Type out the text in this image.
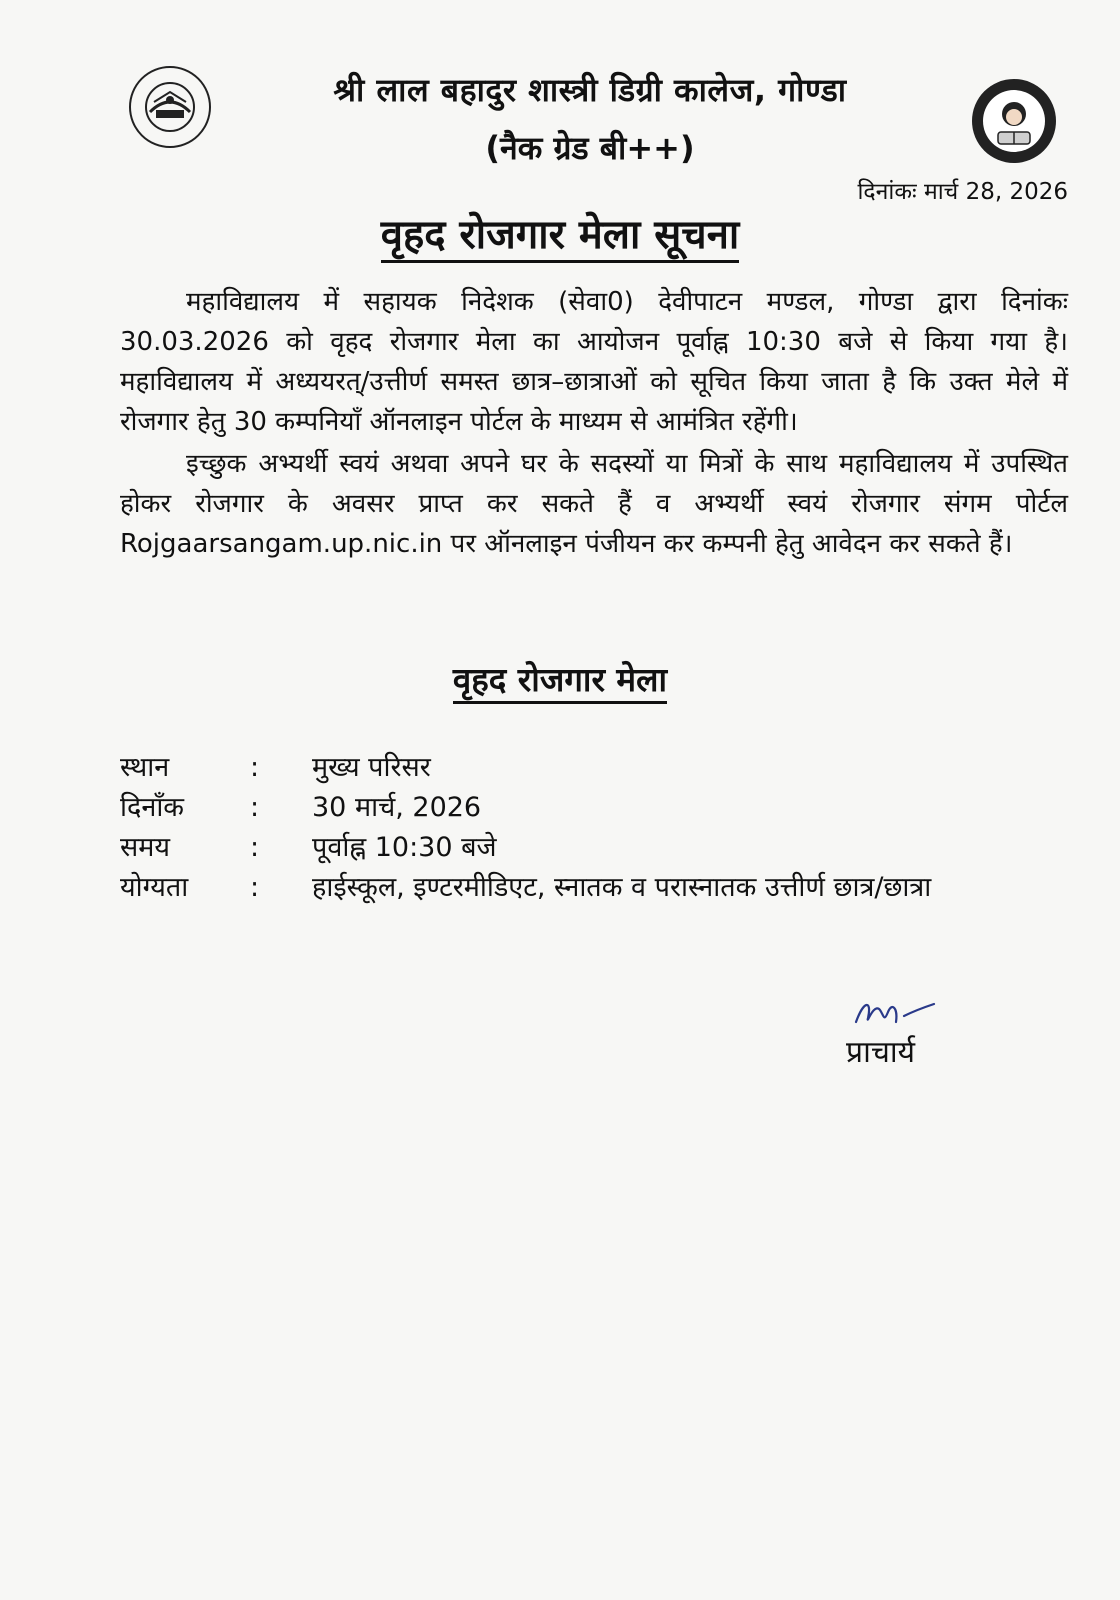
श्री लाल बहादुर शास्त्री डिग्री कालेज, गोण्डा
(नैक ग्रेड बी++)
दिनांकः मार्च 28, 2026
वृहद रोजगार मेला सूचना

महाविद्यालय में सहायक निदेशक (सेवा0) देवीपाटन मण्डल, गोण्डा द्वारा दिनांकः 30.03.2026 को वृहद रोजगार मेला का आयोजन पूर्वाह्न 10:30 बजे से किया गया है। महाविद्यालय में अध्ययरत्/उत्तीर्ण समस्त छात्र–छात्राओं को सूचित किया जाता है कि उक्त मेले में रोजगार हेतु 30 कम्पनियाँ ऑनलाइन पोर्टल के माध्यम से आमंत्रित रहेंगी।

इच्छुक अभ्यर्थी स्वयं अथवा अपने घर के सदस्यों या मित्रों के साथ महाविद्यालय में उपस्थित होकर रोजगार के अवसर प्राप्त कर सकते हैं व अभ्यर्थी स्वयं रोजगार संगम पोर्टल Rojgaarsangam.up.nic.in पर ऑनलाइन पंजीयन कर कम्पनी हेतु आवेदन कर सकते हैं।

वृहद रोजगार मेला
स्थान	:	मुख्य परिसर
दिनाँक	:	30 मार्च, 2026
समय	:	पूर्वाह्न 10:30 बजे
योग्यता	:	हाईस्कूल, इण्टरमीडिएट, स्नातक व परास्नातक उत्तीर्ण छात्र/छात्रा
प्राचार्य
